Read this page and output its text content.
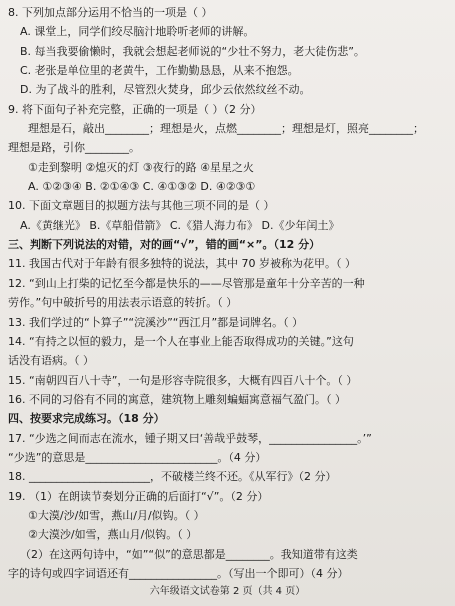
8. 下列加点部分运用不恰当的一项是（ ）
A. 课堂上，同学们绞尽脑汁地聆听老师的讲解。
B. 每当我要偷懒时，我就会想起老师说的“少壮不努力，老大徒伤悲”。
C. 老张是单位里的老黄牛，工作勤勤恳恳，从来不抱怨。
D. 为了战斗的胜利，尽管烈火焚身，邱少云依然纹丝不动。
9. 将下面句子补充完整，正确的一项是（ ）（2 分）
理想是石，敲出________；理想是火，点燃________；理想是灯，照亮________；
理想是路，引你________。
①走到黎明 ②熄灭的灯 ③夜行的路 ④星星之火
A. ①②③④ B. ②①④③ C. ④①③② D. ④②③①
10. 下面文章题目的拟题方法与其他三项不同的是（ ）
A.《黄继光》 B.《草船借箭》 C.《猎人海力布》 D.《少年闰土》
三、判断下列说法的对错，对的画“√”，错的画“×”。（12 分）
11. 我国古代对于年龄有很多独特的说法，其中 70 岁被称为花甲。（ ）
12. “到山上打柴的记忆至今都是快乐的——尽管那是童年十分辛苦的一种
劳作。”句中破折号的用法表示语意的转折。（ ）
13. 我们学过的“卜算子”“浣溪沙”“西江月”都是词牌名。（ ）
14. “有持之以恒的毅力，是一个人在事业上能否取得成功的关键。”这句
话没有语病。（ ）
15. “南朝四百八十寺”，一句是形容寺院很多，大概有四百八十个。（ ）
16. 不同的习俗有不同的寓意，建筑物上雕刻蝙蝠寓意福气盈门。（ ）
四、按要求完成练习。（18 分）
17. “少选之间而志在流水，锺子期又曰‘善哉乎鼓琴，________________。’”
“少选”的意思是________________________。（4 分）
18. ______________________，不破楼兰终不还。《从军行》（2 分）
19. （1）在朗读节奏划分正确的后面打“√”。（2 分）
①大漠/沙/如雪，燕山/月/似钩。（ ）
②大漠沙/如雪，燕山月/似钩。（ ）
（2）在这两句诗中，“如”“似”的意思都是________。我知道带有这类
字的诗句或四字词语还有________________。（写出一个即可）（4 分）
六年级语文试卷第 2 页（共 4 页）
